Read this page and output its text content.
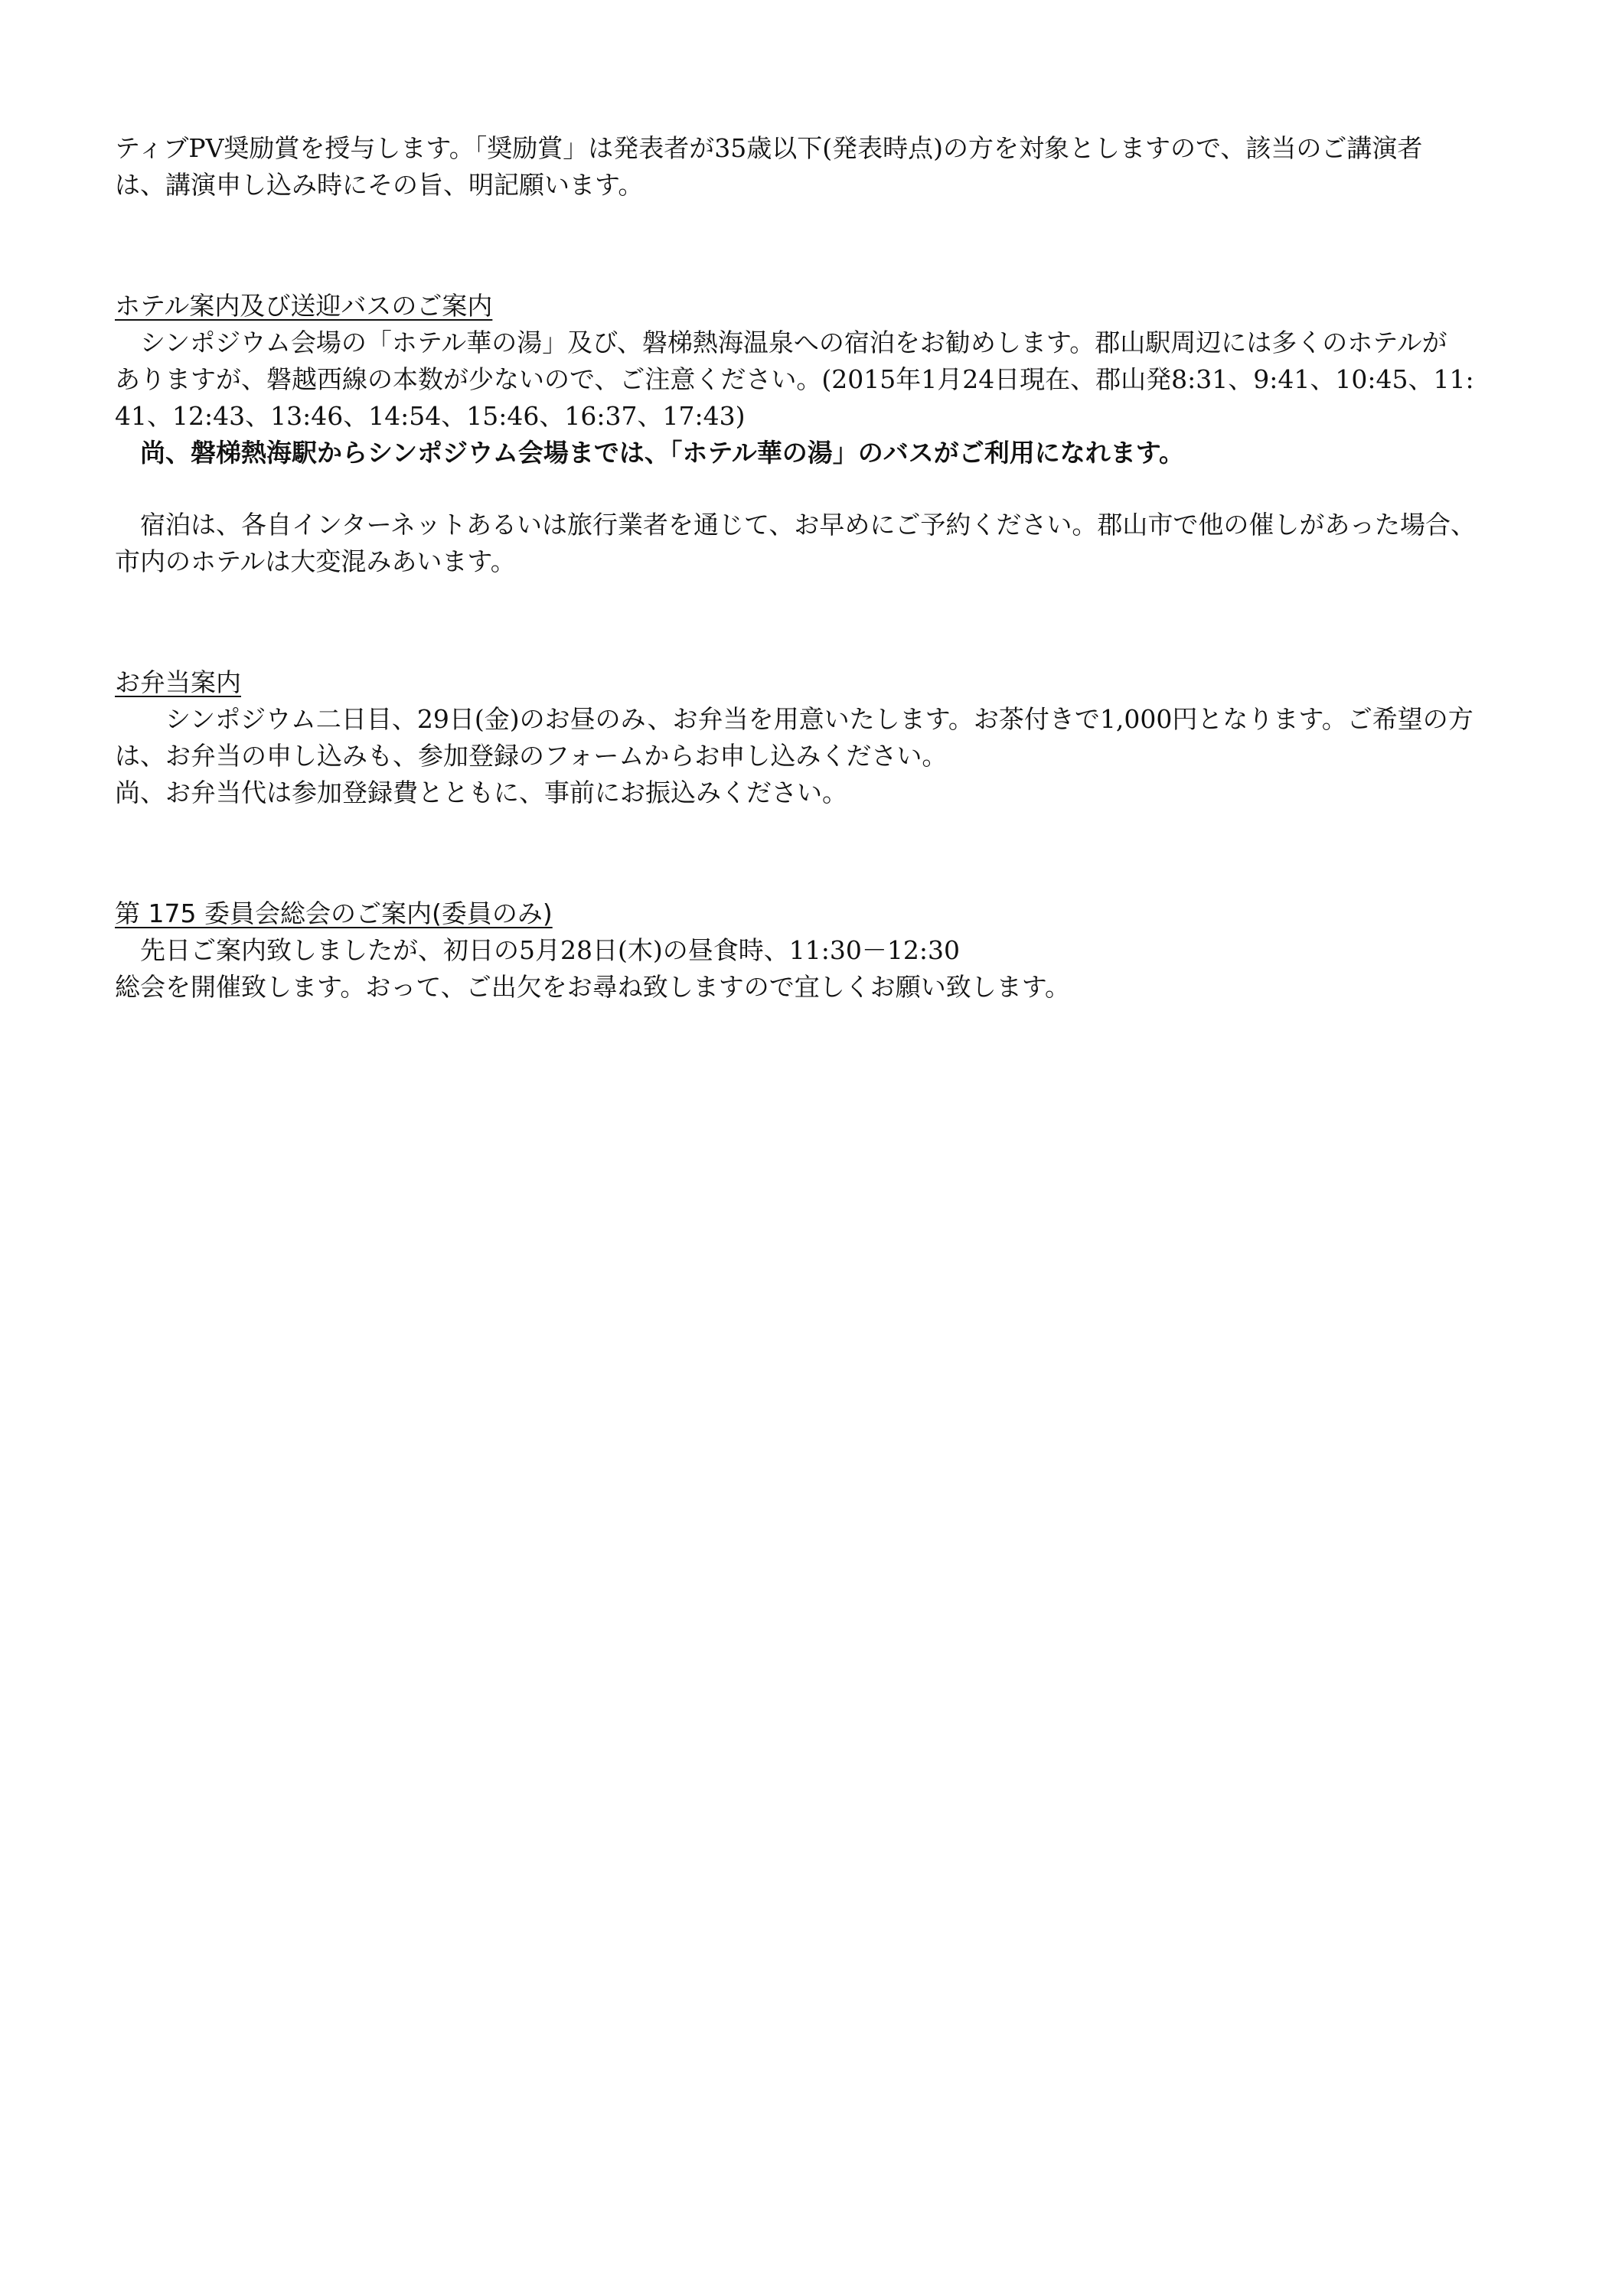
ティブPV奨励賞を授与します。「奨励賞」は発表者が35歳以下(発表時点)の方を対象としますので、該当のご講演者
は、講演申し込み時にその旨、明記願います。
ホテル案内及び送迎バスのご案内
　シンポジウム会場の「ホテル華の湯」及び、磐梯熱海温泉への宿泊をお勧めします。郡山駅周辺には多くのホテルが
ありますが、磐越西線の本数が少ないので、ご注意ください。(2015年1月24日現在、郡山発8:31、9:41、10:45、11:
41、12:43、13:46、14:54、15:46、16:37、17:43)
　尚、磐梯熱海駅からシンポジウム会場までは、「ホテル華の湯」のバスがご利用になれます。
　宿泊は、各自インターネットあるいは旅行業者を通じて、お早めにご予約ください。郡山市で他の催しがあった場合、
市内のホテルは大変混みあいます。
お弁当案内
　　シンポジウム二日目、29日(金)のお昼のみ、お弁当を用意いたします。お茶付きで1,000円となります。ご希望の方
は、お弁当の申し込みも、参加登録のフォームからお申し込みください。
尚、お弁当代は参加登録費とともに、事前にお振込みください。
第 175 委員会総会のご案内(委員のみ)
　先日ご案内致しましたが、初日の5月28日(木)の昼食時、11:30－12:30
総会を開催致します。おって、ご出欠をお尋ね致しますので宜しくお願い致します。
